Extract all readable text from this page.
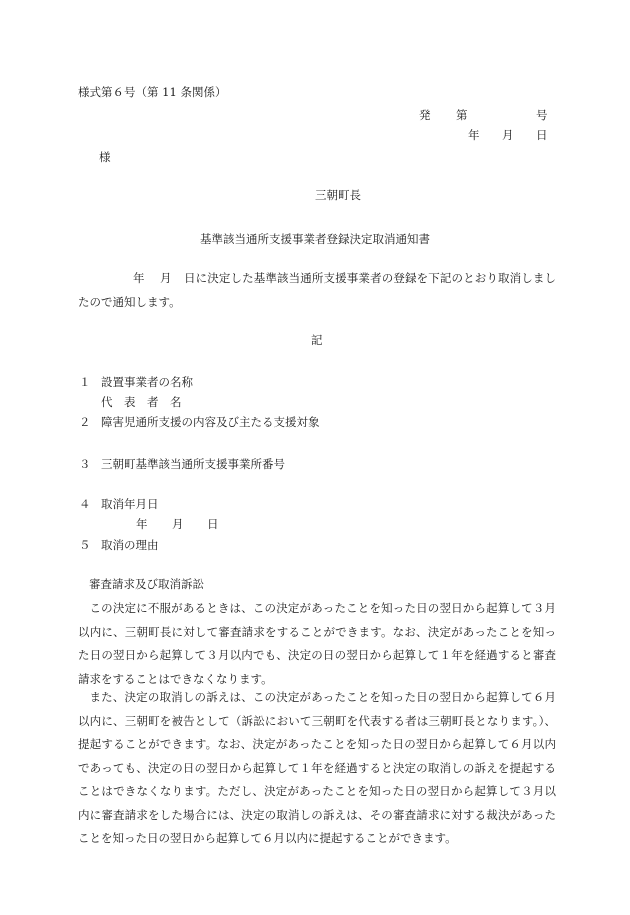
様式第６号（第 11 条関係）
発 第	号
年 月 日
様
三朝町長
基準該当通所支援事業者登録決定取消通知書
年 月	日に決定した基準該当通所支援事業者の登録を下記のとおり取消しましたので通知します。
記
１ 設置事業者の名称
代　表　者　名
２ 障害児通所支援の内容及び主たる支援対象
３ 三朝町基準該当通所支援事業所番号
４ 取消年月日
年 月 日
５ 取消の理由
審査請求及び取消訴訟
この決定に不服があるときは、この決定があったことを知った日の翌日から起算して３月以内に、三朝町長に対して審査請求をすることができます。なお、決定があったことを知った日の翌日から起算して３月以内でも、決定の日の翌日から起算して１年を経過すると審査請求をすることはできなくなります。
また、決定の取消しの訴えは、この決定があったことを知った日の翌日から起算して６月以内に、三朝町を被告として（訴訟において三朝町を代表する者は三朝町長となります。）、提起することができます。なお、決定があったことを知った日の翌日から起算して６月以内であっても、決定の日の翌日から起算して１年を経過すると決定の取消しの訴えを提起することはできなくなります。ただし、決定があったことを知った日の翌日から起算して３月以内に審査請求をした場合には、決定の取消しの訴えは、その審査請求に対する裁決があったことを知った日の翌日から起算して６月以内に提起することができます。
